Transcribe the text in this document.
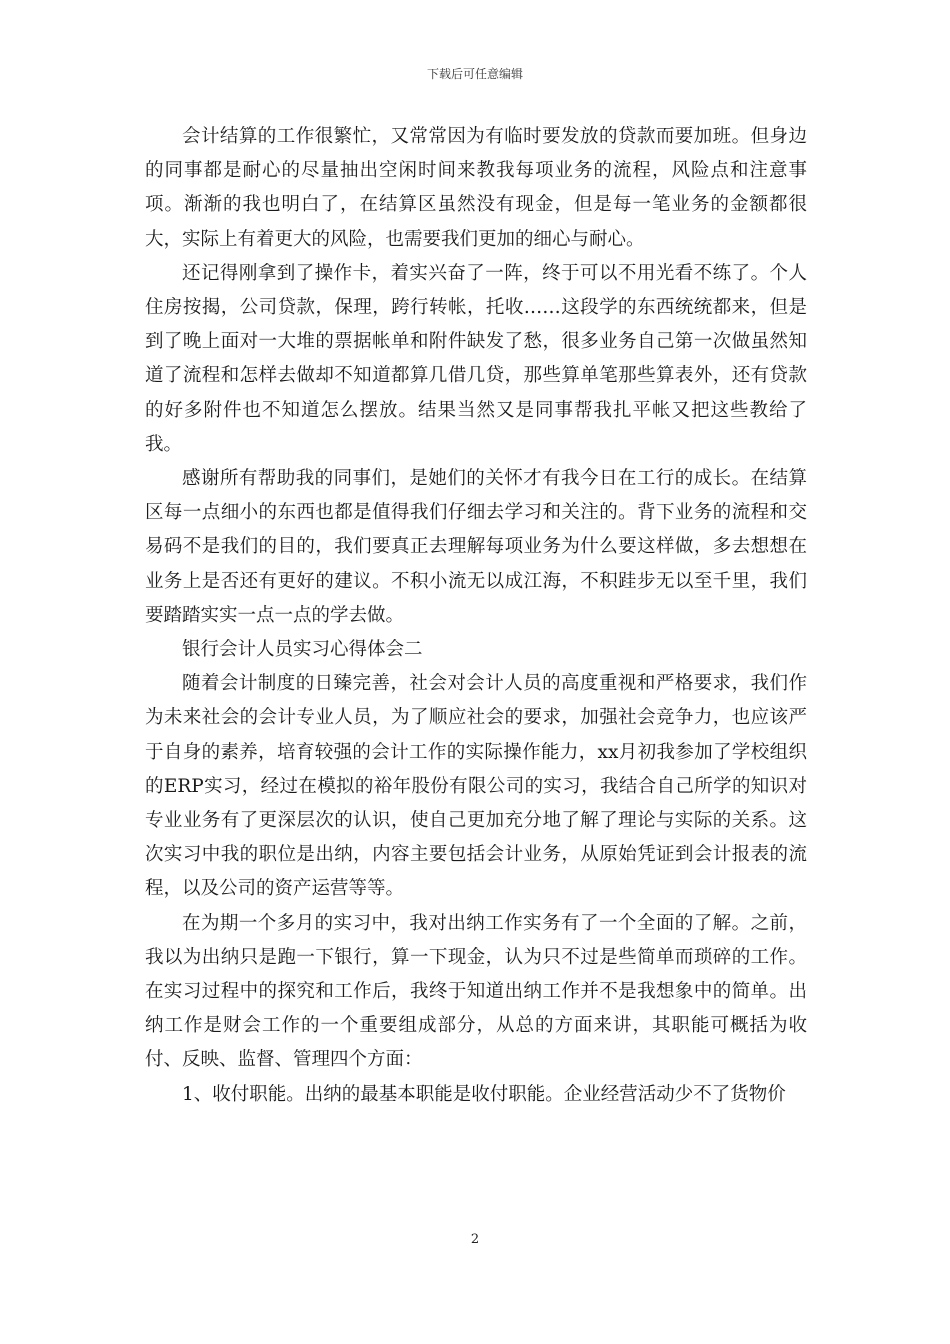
下载后可任意编辑

会计结算的工作很繁忙，又常常因为有临时要发放的贷款而要加班。但身边的同事都是耐心的尽量抽出空闲时间来教我每项业务的流程，风险点和注意事项。渐渐的我也明白了，在结算区虽然没有现金，但是每一笔业务的金额都很大，实际上有着更大的风险，也需要我们更加的细心与耐心。

还记得刚拿到了操作卡，着实兴奋了一阵，终于可以不用光看不练了。个人住房按揭，公司贷款，保理，跨行转帐，托收……这段学的东西统统都来，但是到了晚上面对一大堆的票据帐单和附件缺发了愁，很多业务自己第一次做虽然知道了流程和怎样去做却不知道都算几借几贷，那些算单笔那些算表外，还有贷款的好多附件也不知道怎么摆放。结果当然又是同事帮我扎平帐又把这些教给了我。

感谢所有帮助我的同事们，是她们的关怀才有我今日在工行的成长。在结算区每一点细小的东西也都是值得我们仔细去学习和关注的。背下业务的流程和交易码不是我们的目的，我们要真正去理解每项业务为什么要这样做，多去想想在业务上是否还有更好的建议。不积小流无以成江海，不积跬步无以至千里，我们要踏踏实实一点一点的学去做。

银行会计人员实习心得体会二

随着会计制度的日臻完善，社会对会计人员的高度重视和严格要求，我们作为未来社会的会计专业人员，为了顺应社会的要求，加强社会竞争力，也应该严于自身的素养，培育较强的会计工作的实际操作能力，xx月初我参加了学校组织的ERP实习，经过在模拟的裕年股份有限公司的实习，我结合自己所学的知识对专业业务有了更深层次的认识，使自己更加充分地了解了理论与实际的关系。这次实习中我的职位是出纳，内容主要包括会计业务，从原始凭证到会计报表的流程，以及公司的资产运营等等。

在为期一个多月的实习中，我对出纳工作实务有了一个全面的了解。之前，我以为出纳只是跑一下银行，算一下现金，认为只不过是些简单而琐碎的工作。在实习过程中的探究和工作后，我终于知道出纳工作并不是我想象中的简单。出纳工作是财会工作的一个重要组成部分，从总的方面来讲，其职能可概括为收付、反映、监督、管理四个方面：

1、收付职能。出纳的最基本职能是收付职能。企业经营活动少不了货物价

2
